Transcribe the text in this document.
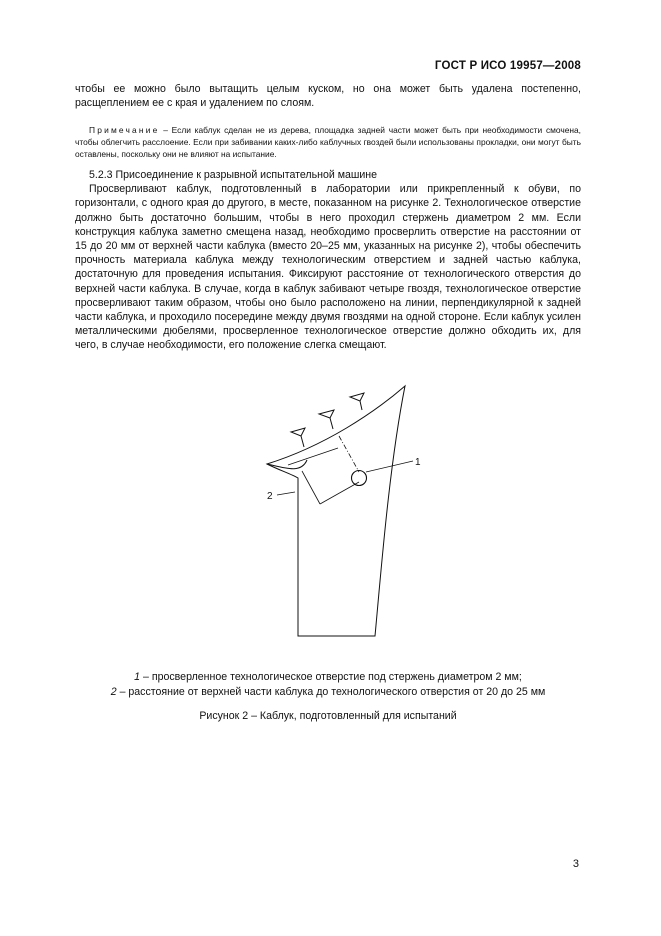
ГОСТ Р ИСО 19957—2008

чтобы ее можно было вытащить целым куском, но она может быть удалена постепенно, расщеплением ее с края и удалением по слоям.

Примечание – Если каблук сделан не из дерева, площадка задней части может быть при необходимости смочена, чтобы облегчить расслоение. Если при забивании каких-либо каблучных гвоздей были использованы прокладки, они могут быть оставлены, поскольку они не влияют на испытание.

5.2.3 Присоединение к разрывной испытательной машине

Просверливают каблук, подготовленный в лаборатории или прикрепленный к обуви, по горизонтали, с одного края до другого, в месте, показанном на рисунке 2. Технологическое отверстие должно быть достаточно большим, чтобы в него проходил стержень диаметром 2 мм. Если конструкция каблука заметно смещена назад, необходимо просверлить отверстие на расстоянии от 15 до 20 мм от верхней части каблука (вместо 20–25 мм, указанных на рисунке 2), чтобы обеспечить прочность материала каблука между технологическим отверстием и задней частью каблука, достаточную для проведения испытания. Фиксируют расстояние от технологического отверстия до верхней части каблука. В случае, когда в каблук забивают четыре гвоздя, технологическое отверстие просверливают таким образом, чтобы оно было расположено на линии, перпендикулярной к задней части каблука, и проходило посередине между двумя гвоздями на одной стороне. Если каблук усилен металлическими дюбелями, просверленное технологическое отверстие должно обходить их, для чего, в случае необходимости, его положение слегка смещают.

1
2
1 – просверленное технологическое отверстие под стержень диаметром 2 мм;
2 – расстояние от верхней части каблука до технологического отверстия от 20 до 25 мм
Рисунок 2 – Каблук, подготовленный для испытаний
3
